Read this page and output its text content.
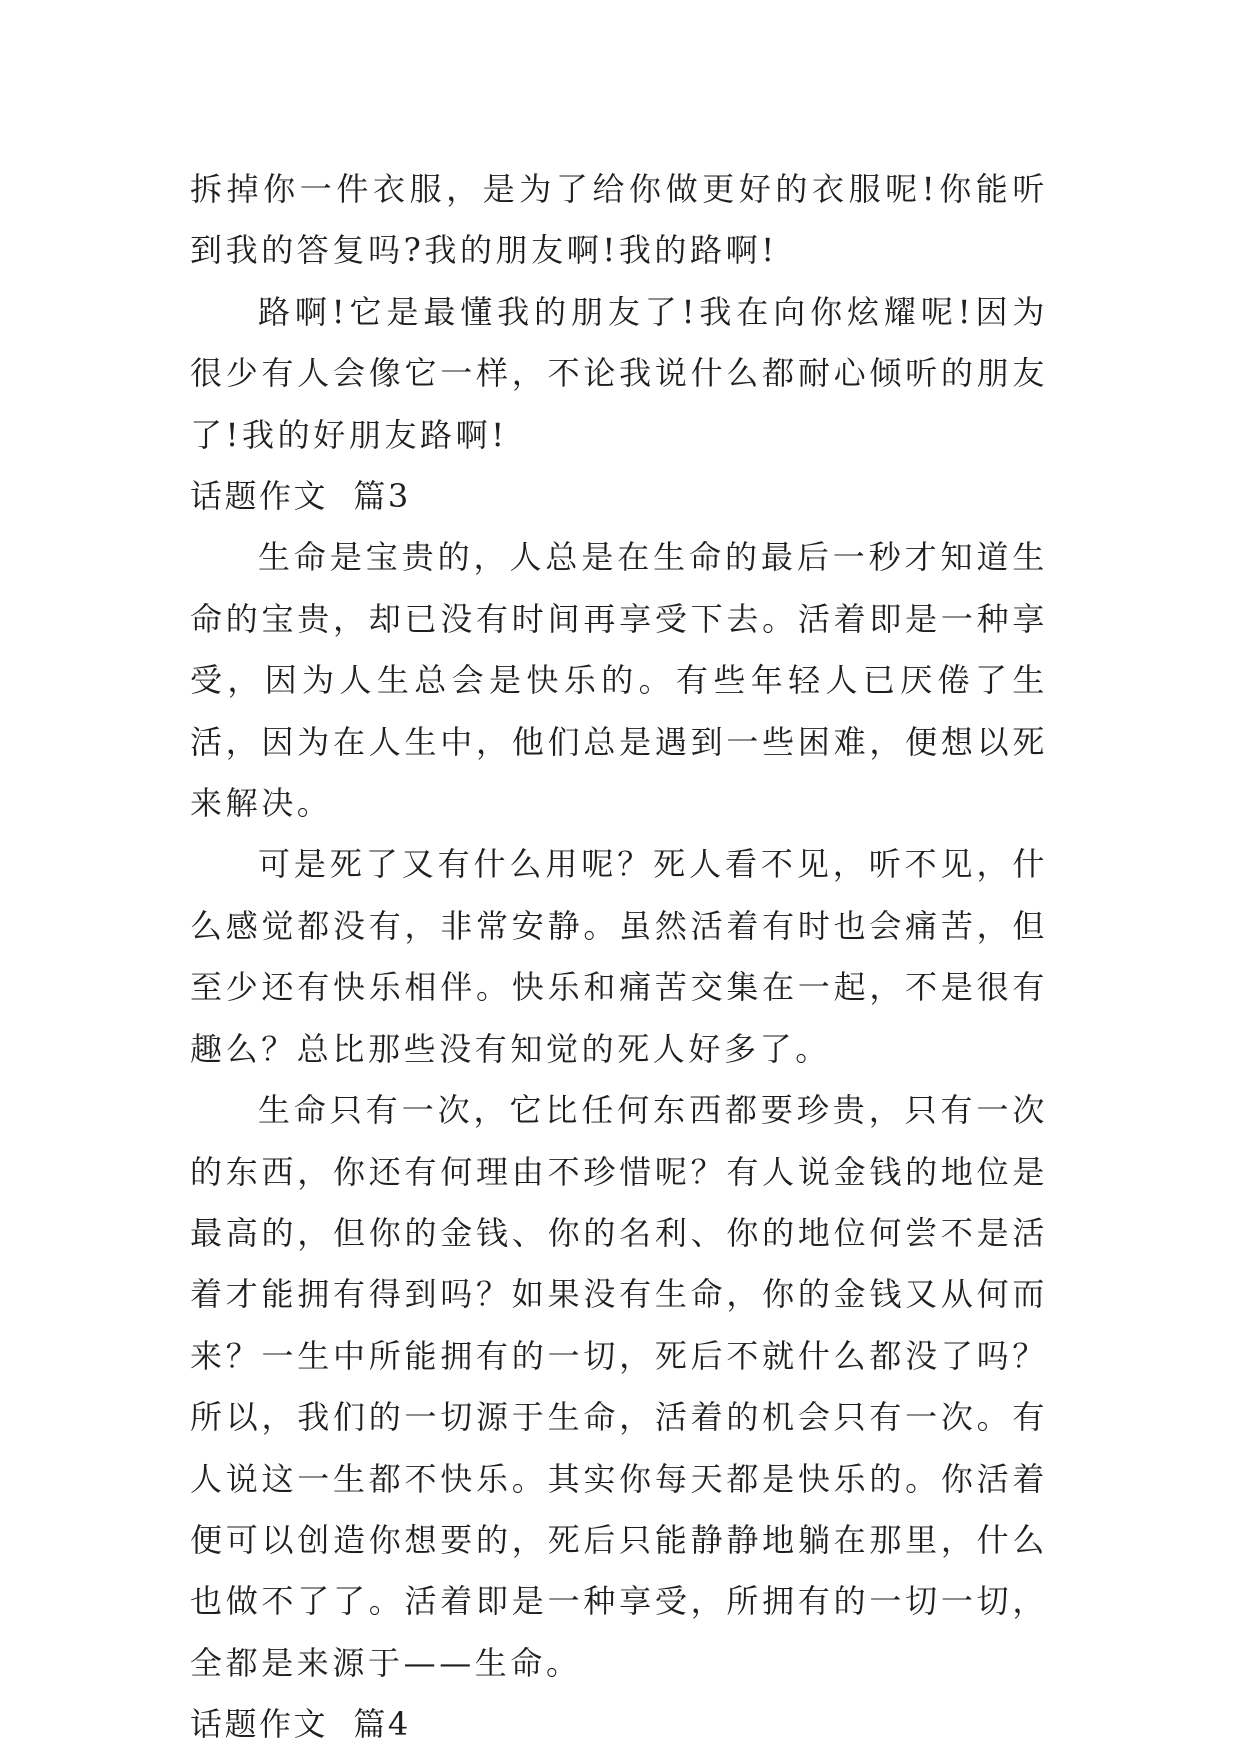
拆掉你一件衣服，是为了给你做更好的衣服呢!你能听到我的答复吗?我的朋友啊!我的路啊!

路啊!它是最懂我的朋友了!我在向你炫耀呢!因为很少有人会像它一样，不论我说什么都耐心倾听的朋友了!我的好朋友路啊!

话题作文  篇3

生命是宝贵的，人总是在生命的最后一秒才知道生命的宝贵，却已没有时间再享受下去。活着即是一种享受，因为人生总会是快乐的。有些年轻人已厌倦了生活，因为在人生中，他们总是遇到一些困难，便想以死来解决。

可是死了又有什么用呢？死人看不见，听不见，什么感觉都没有，非常安静。虽然活着有时也会痛苦，但至少还有快乐相伴。快乐和痛苦交集在一起，不是很有趣么？总比那些没有知觉的死人好多了。

生命只有一次，它比任何东西都要珍贵，只有一次的东西，你还有何理由不珍惜呢？有人说金钱的地位是最高的，但你的金钱、你的名利、你的地位何尝不是活着才能拥有得到吗？如果没有生命，你的金钱又从何而来？一生中所能拥有的一切，死后不就什么都没了吗？所以，我们的一切源于生命，活着的机会只有一次。有人说这一生都不快乐。其实你每天都是快乐的。你活着便可以创造你想要的，死后只能静静地躺在那里，什么也做不了了。活着即是一种享受，所拥有的一切一切，全都是来源于——生命。

话题作文  篇4
